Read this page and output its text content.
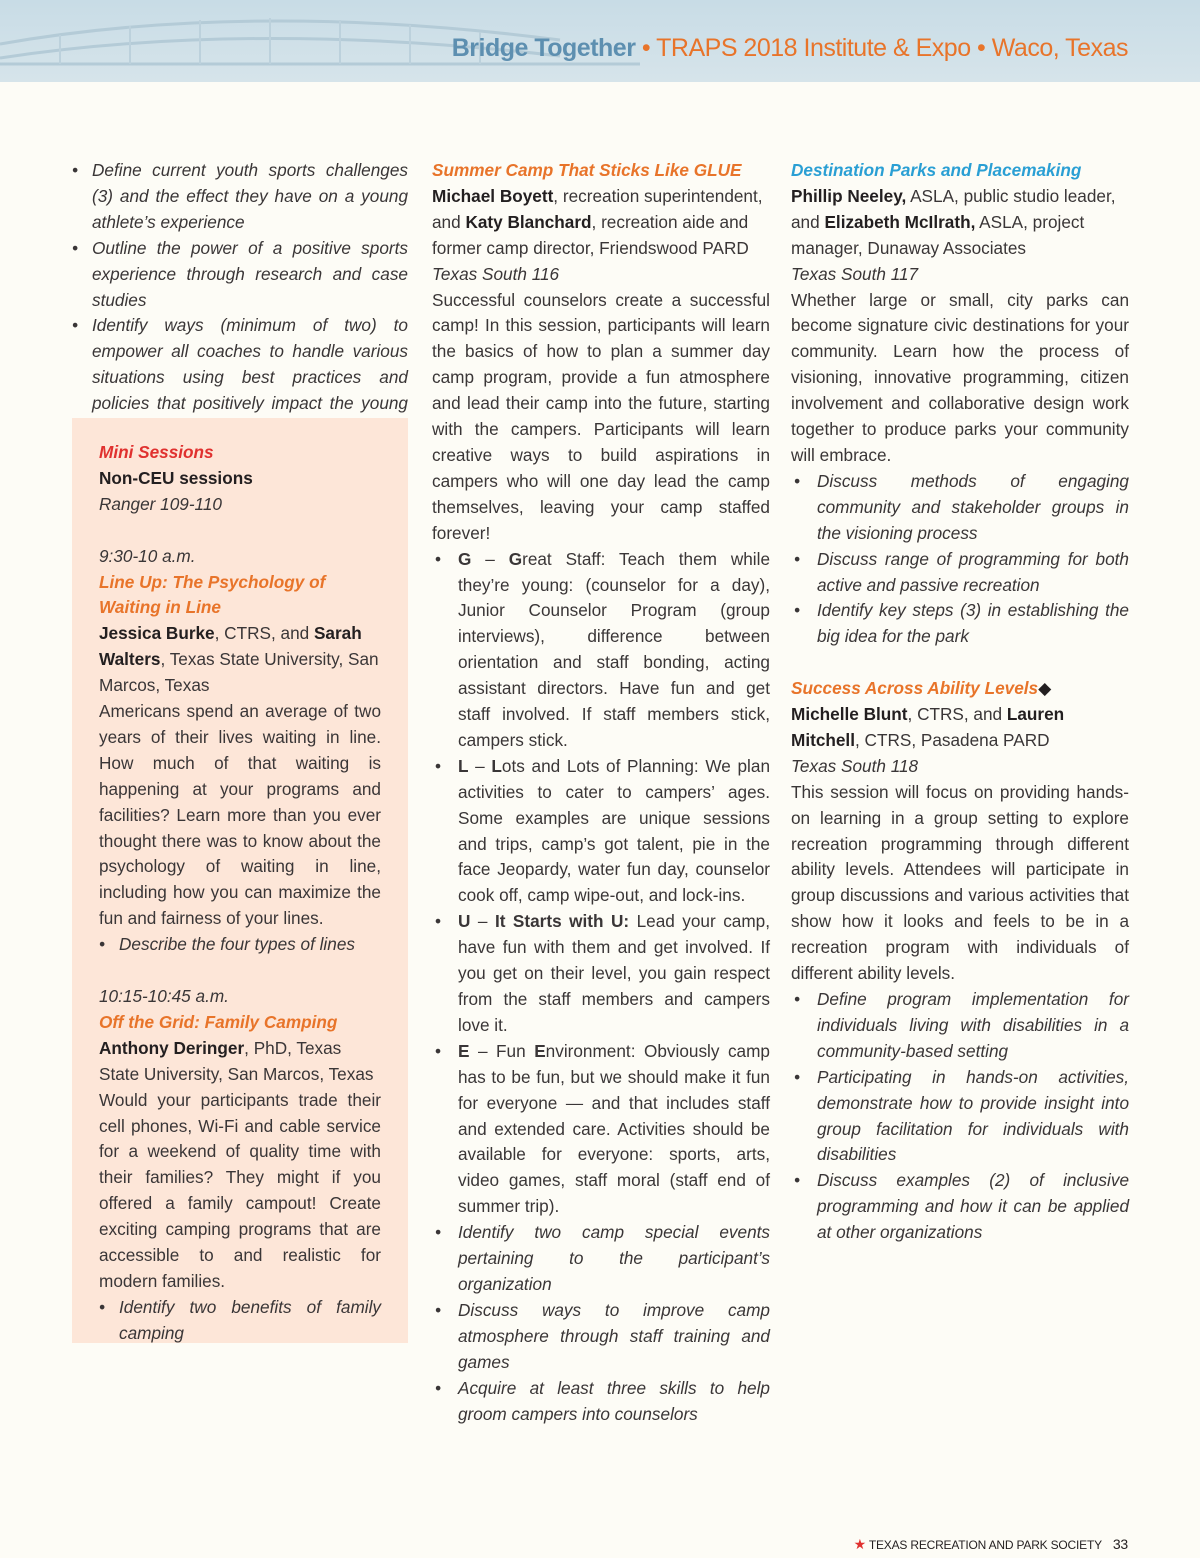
Bridge Together • TRAPS 2018 Institute & Expo • Waco, Texas
• Define current youth sports challenges (3) and the effect they have on a young athlete’s experience
• Outline the power of a positive sports experience through research and case studies
• Identify ways (minimum of two) to empower all coaches to handle various situations using best practices and policies that positively impact the young

Mini Sessions

Non-CEU sessions

Ranger 109-110

9:30-10 a.m.

Line Up: The Psychology of Waiting in Line

Jessica Burke, CTRS, and Sarah Walters, Texas State University, San Marcos, Texas

Americans spend an average of two years of their lives waiting in line. How much of that waiting is happening at your programs and facilities? Learn more than you ever thought there was to know about the psychology of waiting in line, including how you can maximize the fun and fairness of your lines.

• Describe the four types of lines

10:15-10:45 a.m.

Off the Grid: Family Camping

Anthony Deringer, PhD, Texas State University, San Marcos, Texas

Would your participants trade their cell phones, Wi-Fi and cable service for a weekend of quality time with their families? They might if you offered a family campout! Create exciting camping programs that are accessible to and realistic for modern families.

• Identify two benefits of family camping

Summer Camp That Sticks Like GLUE

Michael Boyett, recreation superintendent, and Katy Blanchard, recreation aide and former camp director, Friendswood PARD

Texas South 116

Successful counselors create a successful camp! In this session, participants will learn the basics of how to plan a summer day camp program, provide a fun atmosphere and lead their camp into the future, starting with the campers. Participants will learn creative ways to build aspirations in campers who will one day lead the camp themselves, leaving your camp staffed forever!

• G – Great Staff: Teach them while they’re young: (counselor for a day), Junior Counselor Program (group interviews), difference between orientation and staff bonding, acting assistant directors. Have fun and get staff involved. If staff members stick, campers stick.
• L – Lots and Lots of Planning: We plan activities to cater to campers’ ages. Some examples are unique sessions and trips, camp’s got talent, pie in the face Jeopardy, water fun day, counselor cook off, camp wipe-out, and lock-ins.
• U – It Starts with U: Lead your camp, have fun with them and get involved. If you get on their level, you gain respect from the staff members and campers love it.
• E – Fun Environment: Obviously camp has to be fun, but we should make it fun for everyone — and that includes staff and extended care. Activities should be available for everyone: sports, arts, video games, staff moral (staff end of summer trip).
• Identify two camp special events pertaining to the participant’s organization
• Discuss ways to improve camp atmosphere through staff training and games
• Acquire at least three skills to help groom campers into counselors

Destination Parks and Placemaking

Phillip Neeley, ASLA, public studio leader, and Elizabeth McIlrath, ASLA, project manager, Dunaway Associates

Texas South 117

Whether large or small, city parks can become signature civic destinations for your community. Learn how the process of visioning, innovative programming, citizen involvement and collaborative design work together to produce parks your community will embrace.

• Discuss methods of engaging community and stakeholder groups in the visioning process
• Discuss range of programming for both active and passive recreation
• Identify key steps (3) in establishing the big idea for the park

Success Across Ability Levels◆

Michelle Blunt, CTRS, and Lauren Mitchell, CTRS, Pasadena PARD

Texas South 118

This session will focus on providing hands-on learning in a group setting to explore recreation programming through different ability levels. Attendees will participate in group discussions and various activities that show how it looks and feels to be in a recreation program with individuals of different ability levels.

• Define program implementation for individuals living with disabilities in a community-based setting
• Participating in hands-on activities, demonstrate how to provide insight into group facilitation for individuals with disabilities
• Discuss examples (2) of inclusive programming and how it can be applied at other organizations
★ TEXAS RECREATION AND PARK SOCIETY 33
